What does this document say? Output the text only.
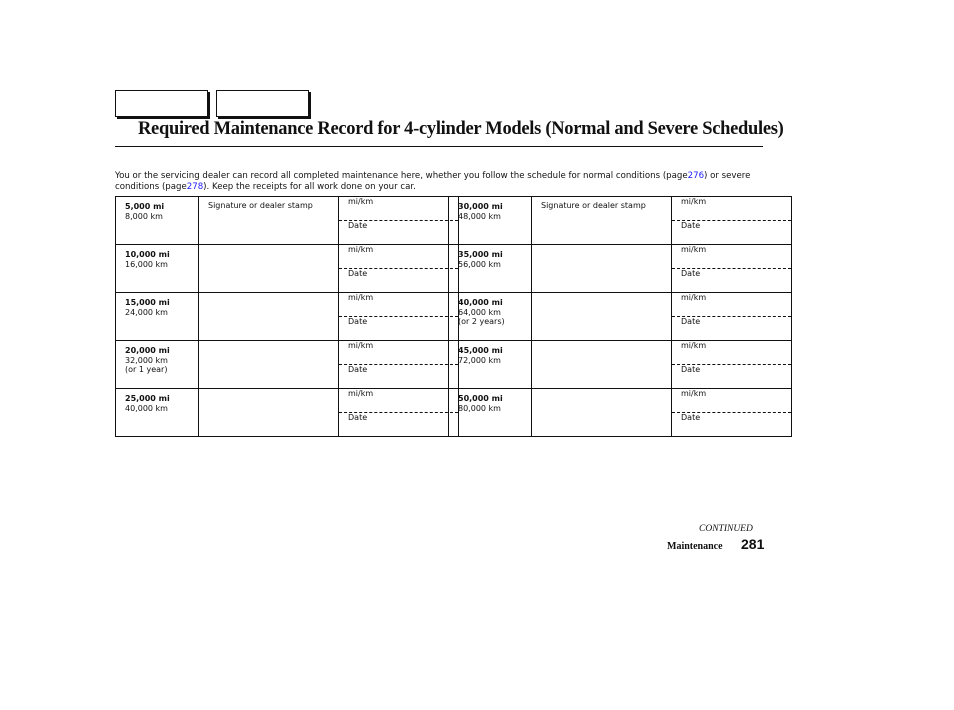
Required Maintenance Record for 4-cylinder Models (Normal and Severe Schedules)

You or the servicing dealer can record all completed maintenance here, whether you follow the schedule for normal conditions (page276) or severe conditions (page278). Keep the receipts for all work done on your car.

5,000 mi
8,000 km	Signature or dealer stamp	mi/km
		Date

10,000 mi
16,000 km		mi/km
		Date

15,000 mi
24,000 km		mi/km
		Date

20,000 mi
32,000 km
(or 1 year)		mi/km
		Date

25,000 mi
40,000 km		mi/km
		Date
30,000 mi
48,000 km	Signature or dealer stamp	mi/km
		Date

35,000 mi
56,000 km		mi/km
		Date

40,000 mi
64,000 km
(or 2 years)		mi/km
		Date

45,000 mi
72,000 km		mi/km
		Date

50,000 mi
80,000 km		mi/km
		Date
CONTINUED
Maintenance 281
